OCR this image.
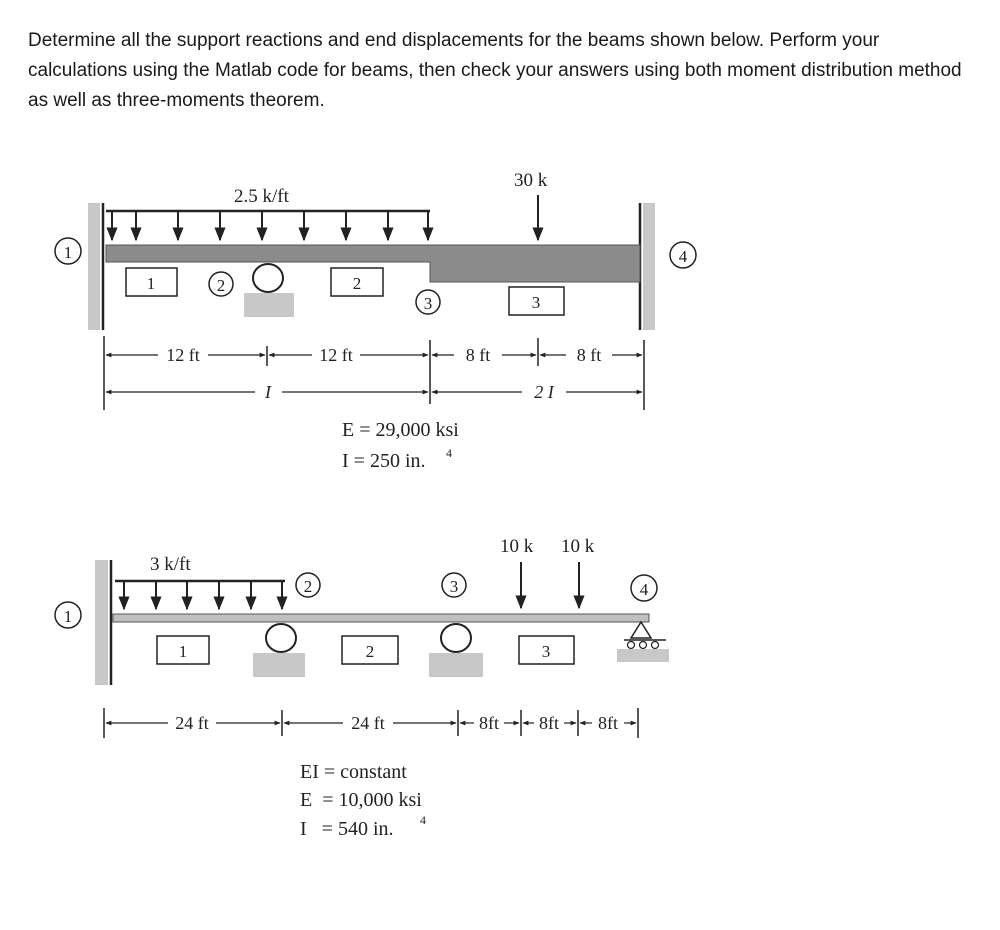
Determine all the support reactions and end displacements for the beams shown below. Perform your calculations using the Matlab code for beams, then check your answers using both moment distribution method as well as three-moments theorem.
2.5 k/ft
30 k
1
2
3
4
1	2
3
12 ft	12 ft	8 ft	8 ft
I	2 I
E = 29,000 ksi
I = 250 in. 4
3 k/ft
10 k 10 k
1
2	3	4
1	2	3
24 ft	24 ft	8ft 8ft 8ft
EI = constant
E  = 10,000 ksi
I   = 540 in. 4
